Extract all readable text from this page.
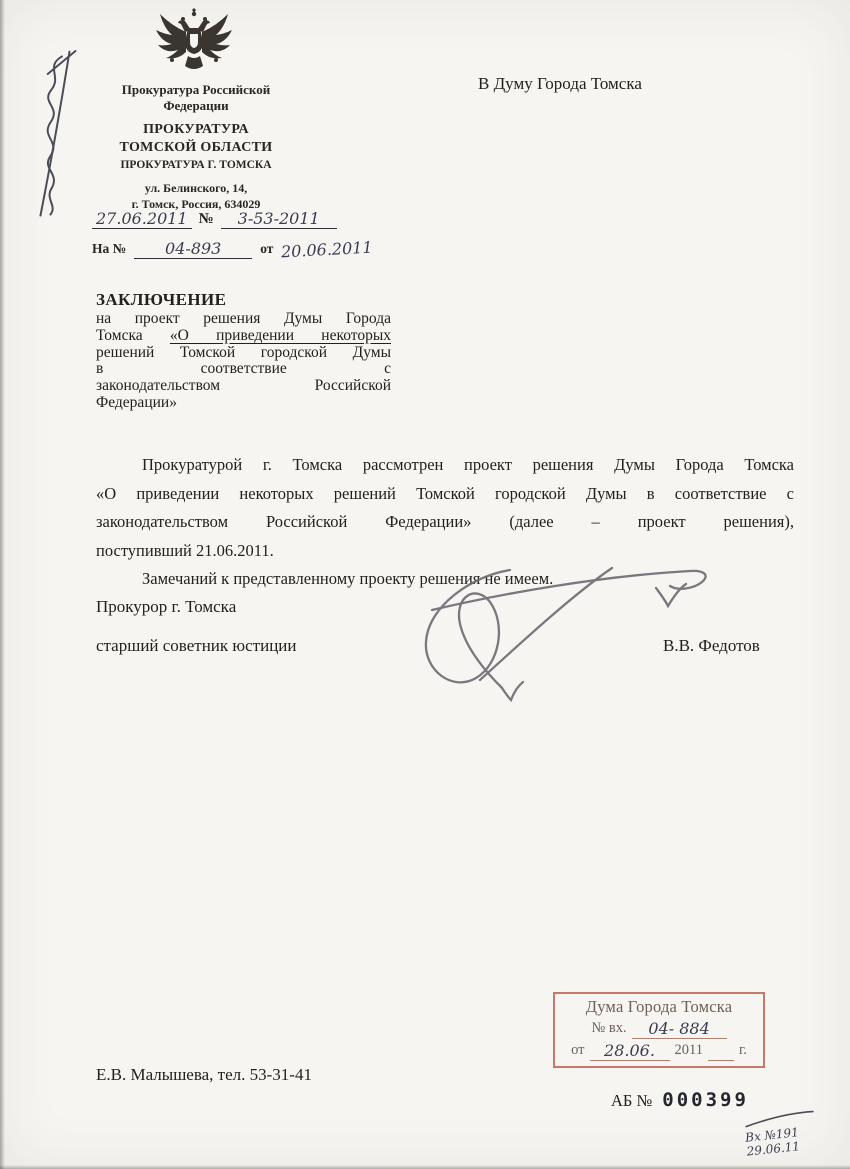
Прокуратура Российской
Федерации
ПРОКУРАТУРА
ТОМСКОЙ ОБЛАСТИ
ПРОКУРАТУРА Г. ТОМСКА
ул. Белинского, 14,
г. Томск, Россия, 634029
27.06.2011 №	3-53-2011
На №	04-893	от 20.06.2011
В Думу Города Томска
ЗАКЛЮЧЕНИЕ
на проект решения Думы Города
Томска «О приведении некоторых
решений Томской городской Думы
в соответствие с
законодательством Российской
Федерации»
Прокуратурой г. Томска рассмотрен проект решения Думы Города Томска
«О приведении некоторых решений Томской городской Думы в соответствие с
законодательством Российской Федерации» (далее – проект решения),
поступивший 21.06.2011.
Замечаний к представленному проекту решения не имеем.
Прокурор г. Томска
старший советник юстиции	В.В. Федотов
Дума Города Томска
№ вх.	04- 884
от	28.06.	2011 г.
Е.В. Малышева, тел. 53-31-41
АБ № 000399
Вх №191
29.06.11
